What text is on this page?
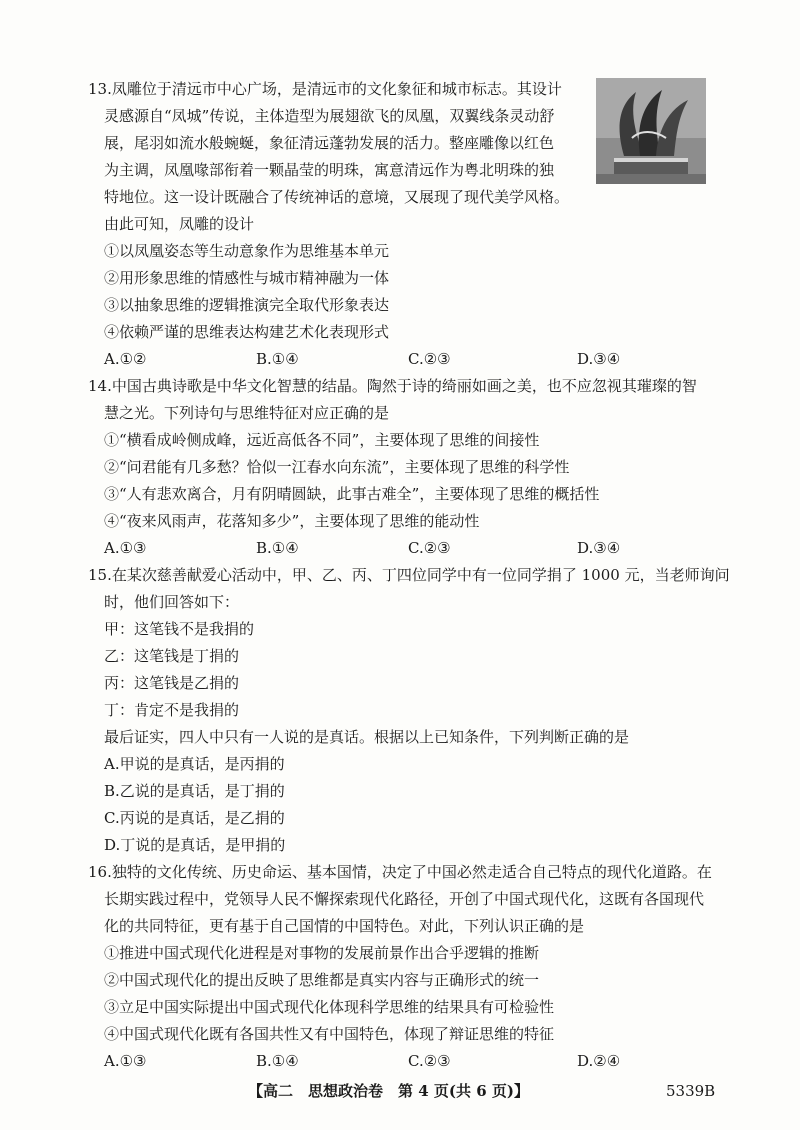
13.凤雕位于清远市中心广场，是清远市的文化象征和城市标志。其设计
灵感源自“凤城”传说，主体造型为展翅欲飞的凤凰，双翼线条灵动舒
展，尾羽如流水般蜿蜒，象征清远蓬勃发展的活力。整座雕像以红色
为主调，凤凰喙部衔着一颗晶莹的明珠，寓意清远作为粤北明珠的独
特地位。这一设计既融合了传统神话的意境，又展现了现代美学风格。
由此可知，凤雕的设计
①以凤凰姿态等生动意象作为思维基本单元
②用形象思维的情感性与城市精神融为一体
③以抽象思维的逻辑推演完全取代形象表达
④依赖严谨的思维表达构建艺术化表现形式
A.①②	B.①④	C.②③	D.③④
14.中国古典诗歌是中华文化智慧的结晶。陶然于诗的绮丽如画之美，也不应忽视其璀璨的智
慧之光。下列诗句与思维特征对应正确的是
①“横看成岭侧成峰，远近高低各不同”，主要体现了思维的间接性
②“问君能有几多愁？恰似一江春水向东流”，主要体现了思维的科学性
③“人有悲欢离合，月有阴晴圆缺，此事古难全”，主要体现了思维的概括性
④“夜来风雨声，花落知多少”，主要体现了思维的能动性
A.①③	B.①④	C.②③	D.③④
15.在某次慈善献爱心活动中，甲、乙、丙、丁四位同学中有一位同学捐了 1000 元，当老师询问
时，他们回答如下：
甲：这笔钱不是我捐的
乙：这笔钱是丁捐的
丙：这笔钱是乙捐的
丁：肯定不是我捐的
最后证实，四人中只有一人说的是真话。根据以上已知条件，下列判断正确的是
A.甲说的是真话，是丙捐的
B.乙说的是真话，是丁捐的
C.丙说的是真话，是乙捐的
D.丁说的是真话，是甲捐的
16.独特的文化传统、历史命运、基本国情，决定了中国必然走适合自己特点的现代化道路。在
长期实践过程中，党领导人民不懈探索现代化路径，开创了中国式现代化，这既有各国现代
化的共同特征，更有基于自己国情的中国特色。对此，下列认识正确的是
①推进中国式现代化进程是对事物的发展前景作出合乎逻辑的推断
②中国式现代化的提出反映了思维都是真实内容与正确形式的统一
③立足中国实际提出中国式现代化体现科学思维的结果具有可检验性
④中国式现代化既有各国共性又有中国特色，体现了辩证思维的特征
A.①③	B.①④	C.②③	D.②④
【高二　思想政治卷　第 4 页(共 6 页)】	5339B
